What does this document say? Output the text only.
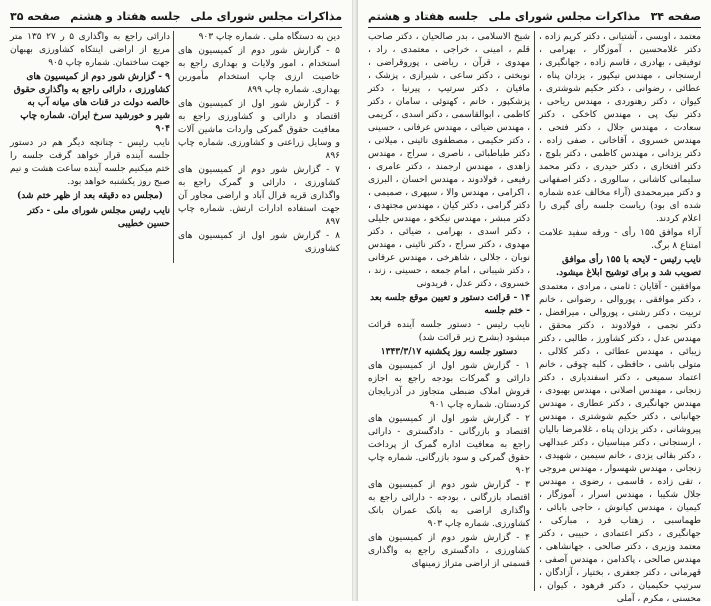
مذاکرات مجلس شورای ملی
جلسه هفتاد و هشتم
صفحه ۳۵

دین به دستگاه ملی . شماره چاپ ۹۰۳

۵ - گزارش شور دوم از کمیسیون های استخدام ، امور ولایات و بهداری راجع به خاصیت ارزی چاپ استخدام مأمورین بهداری. شماره چاپ ۸۹۹

۶ - گزارش شور اول از کمیسیون های اقتصاد و دارائی و کشاورزی راجع به معافیت حقوق گمرکی واردات ماشین آلات و وسایل زراعتی و کشاورزی. شماره چاپ ۸۹۶

۷ - گزارش شور دوم از کمیسیون های کشاورزی ، دارائی و گمرک راجع به واگذاری قریه قرال آباد و اراضی مجاور آن جهت استفاده ادارات ارتش. شماره چاپ ۸۹۷

۸ - گزارش شور اول از کمیسیون های کشاورزی

دارائی راجع به واگذاری ۵ ر ۲۷ ۱۳۵ متر مربع از اراضی اینتکاه کشاورزی بهبهان جهت ساختمان. شماره چاپ ۹۰۵

۹ - گزارش شور دوم از کمیسیون های کشاورزی ، دارائی راجع به واگذاری حقوق خالصه دولت در قنات های میانه آب به شیر و خورشید سرخ ایران. شماره چاپ ۹۰۴

نایب رئیس - چنانچه دیگر هم در دستور جلسه آینده قرار خواهد گرفت جلسه را ختم میکنیم جلسه آینده ساعت هشت و نیم صبح روز یکشنبه خواهد بود.

(مجلس ده دقیقه بعد از ظهر ختم شد)

نایب رئیس مجلس شورای ملی - دکتر حسین خطیبی

صفحه ۳۴
مذاکرات مجلس شورای ملی
جلسه هفتاد و هشتم

معتمد ، اویسی ، آشتیانی ، دکتر کریم زاده ، دکتر غلامحسین ، آموزگار ، بهرامی ، توفیقی ، بهادری ، قاسم زاده ، جهانگیری ، ارسنجانی ، مهندس نیکپور ، یزدان پناه ، عطائی ، رضوانی ، دکتر حکیم شوشتری ، کیوان ، دکتر رهنوردی ، مهندس ریاحی ، دکتر نیک پی ، مهندس کاخکی ، دکتر سعادت ، مهندس جلال ، دکتر فتحی ، مهندس خسروی ، آقاخانی ، صفی زاده ، دکتر یزدانی ، مهندس کاظمی ، دکتر بلوچ ، دکتر افتخاری ، دکتر حیدری ، دکتر محمد سلیمانی کاشانی ، سالوری ، دکتر اصفهانی و دکتر میرمحمدی (آراء مخالف عده شماره شده ای بود) ریاست جلسه رأی گیری را اعلام کردند.

آراء موافق ۱۵۵ رأی - ورقه سفید علامت امتناع ۸ برگ.

نایب رئیس - لایحه با ۱۵۵ رأی موافق تصویب شد و برای توشیح ابلاغ میشود.

موافقین - آقایان : ثامنی ، مرادی ، معتمدی ، دکتر موافقی ، پوروالی ، رضوانی ، خانم تربیت ، دکتر رشتی ، پوروالی ، میرافضل ، دکتر نجمی ، فولادوند ، دکتر محقق ، مهندس عدل ، دکتر کشاورز ، طالبی ، دکتر زیبائی ، مهندس عطائی ، دکتر کلالی ، متولی باشی ، حافظی ، کلبه چوقی ، خانم اعتماد سمیعی ، دکتر اسفندیاری ، دکتر زنجانی ، مهندس اصلانی ، مهندس بهبودی ، مهندس جهانگیری ، دکتر عطاری ، مهندس جهانبانی ، دکتر حکیم شوشتری ، مهندس پیروشانی ، دکتر یزدان پناه ، غلامرضا بالیان ، ارسنجانی ، دکتر میناسیان ، دکتر عبدالهی ، دکتر بقائی یزدی ، خانم سیمین ، شهیدی ، زنجانی ، مهندس شهسوار ، مهندس مروجی ، تقی زاده ، قاسمی ، رضوی ، مهندس جلال شکیبا ، مهندس اسرار ، آموزگار ، کیمیان ، مهندس کیانوش ، حاجی بابائی ، طهماسبی ، زهتاب فرد ، مبارکی ، جهانگیری ، دکتر اعتمادی ، حبیبی ، دکتر معتمد وزیری ، دکتر صالحی ، جهانشاهی ، مهندس صالحی ، پاکدامن ، مهندس آصفی ، قهرمانی ، دکتر جعفری ، بختیار ، آزادگان ، سرتیپ حکیمیان ، دکتر فرهود ، کیوان ، محسنی ، مکرم ، آملی

شیخ الاسلامی ، بدر صالحیان ، دکتر صاحب قلم ، امینی ، خراجی ، معتمدی ، راد ، مهدوی ، قرآن ، ریاضی ، پوروقراضی ، نوبختی ، دکتر ساعی ، شیرازی ، پزشک ، مافیان ، دکتر سرتیپ ، پیرنیا ، دکتر پزشکپور ، خانم ، کهنوئی ، سامان ، دکتر کاظمی ، ابوالقاسمی ، دکتر اسدی ، کریمی ، مهندس ضیائی ، مهندس عرفانی ، حسینی ، دکتر حکیمی ، مصطفوی نائینی ، میلانی ، دکتر طباطبائی ، ناصری ، سراج ، مهندس زاهدی ، مهندس ارجمند ، دکتر عامری ، رفیعی ، فولادوند ، مهندس احسان ، البرزی ، اکرامی ، مهندس والا ، سپهری ، صمیمی ، دکتر گرامی ، دکتر کیان ، مهندس مجتهدی ، دکتر مبشر ، مهندس نیکخو ، مهندس جلیلی ، دکتر اسدی ، بهرامی ، ضیائی ، دکتر مهدوی ، دکتر سراج ، دکتر نائینی ، مهندس نوبان ، جلالی ، شاهرخی ، مهندس عرفانی ، دکتر شیبانی ، امام جمعه ، حسینی ، زند ، خسروی ، دکتر عدل ، فریدونی

۱۴ - قرائت دستور و تعیین موقع جلسه بعد - ختم جلسه

نایب رئیس - دستور جلسه آینده قرائت میشود (بشرح زیر قرائت شد)

دستور جلسه روز یکشنبه ۱۳۴۳/۳/۱۷

۱ - گزارش شور اول از کمیسیون های دارائی و گمرکات بودجه راجع به اجازه فروش املاک ضبطی متجاوز در آذربایجان کردستان. شماره چاپ ۹۰۱

۲ - گزارش شور اول از کمیسیون های اقتصاد و بازرگانی - دادگستری - دارائی راجع به معافیت اداره گمرک از پرداخت حقوق گمرکی و سود بازرگانی. شماره چاپ ۹۰۲

۳ - گزارش شور دوم از کمیسیون های اقتصاد بازرگانی ، بودجه - دارائی راجع به واگذاری اراضی به بانک عمران بانک کشاورزی. شماره چاپ ۹۰۳

۴ - گزارش شور دوم از کمیسیون های کشاورزی ، دادگستری راجع به واگذاری قسمتی از اراضی متراژ زمینهای
